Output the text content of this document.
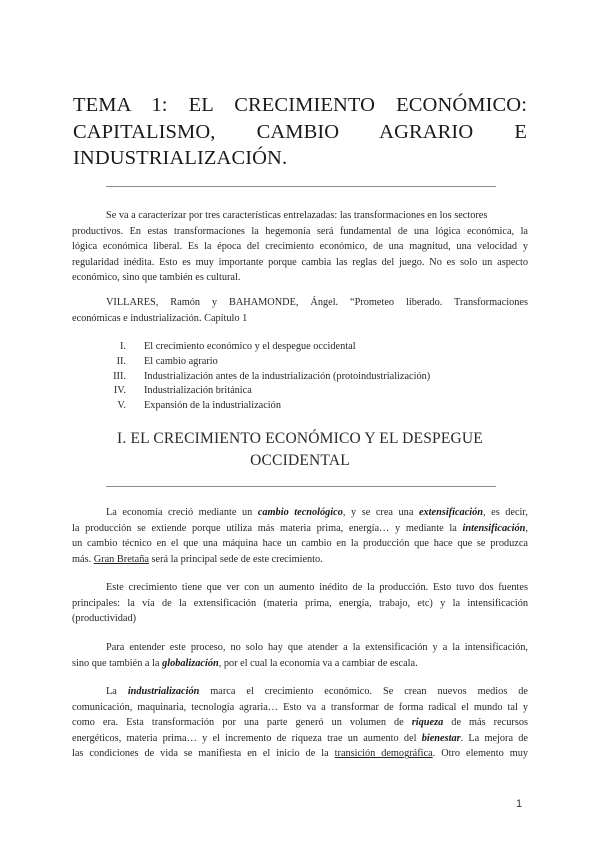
TEMA 1: EL CRECIMIENTO ECONÓMICO:
CAPITALISMO, CAMBIO AGRARIO E
INDUSTRIALIZACIÓN.
Se va a caracterizar por tres características entrelazadas: las transformaciones en los sectores
productivos. En estas transformaciones la hegemonía será fundamental de una lógica económica, la
lógica económica liberal. Es la época del crecimiento económico, de una magnitud, una velocidad y
regularidad inédita. Esto es muy importante porque cambia las reglas del juego. No es solo un aspecto
económico, sino que también es cultural.
VILLARES, Ramón y BAHAMONDE, Ángel. “Prometeo liberado. Transformaciones
económicas e industrialización. Capítulo 1
I.	El crecimiento económico y el despegue occidental
II.	El cambio agrario
III.	Industrialización antes de la industrialización (protoindustrialización)
IV.	Industrialización británica
V.	Expansión de la industrialización
I. EL CRECIMIENTO ECONÓMICO Y EL DESPEGUE
OCCIDENTAL
La economía creció mediante un cambio tecnológico, y se crea una extensificación, es decir,
la producción se extiende porque utiliza más materia prima, energía… y mediante la intensificación,
un cambio técnico en el que una máquina hace un cambio en la producción que hace que se produzca
más. Gran Bretaña será la principal sede de este crecimiento.
Este crecimiento tiene que ver con un aumento inédito de la producción. Esto tuvo dos fuentes
principales: la vía de la extensificación (materia prima, energía, trabajo, etc) y la intensificación
(productividad)
Para entender este proceso, no solo hay que atender a la extensificación y a la intensificación,
sino que también a la globalización, por el cual la economía va a cambiar de escala.
La industrialización marca el crecimiento económico. Se crean nuevos medios de
comunicación, maquinaria, tecnología agraria… Esto va a transformar de forma radical el mundo tal y
como era. Esta transformación por una parte generó un volumen de riqueza de más recursos
energéticos, materia prima… y el incremento de riqueza trae un aumento del bienestar. La mejora de
las condiciones de vida se manifiesta en el inicio de la transición demográfica. Otro elemento muy
1
